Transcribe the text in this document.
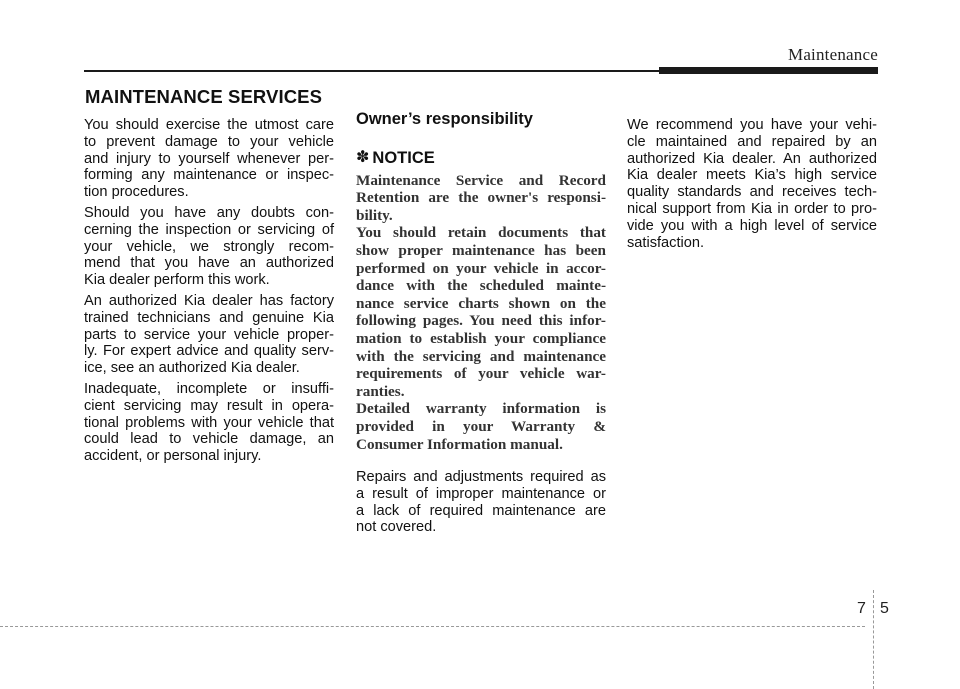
Maintenance
MAINTENANCE SERVICES

You should exercise the utmost care
to prevent damage to your vehicle
and injury to yourself whenever per-
forming any maintenance or inspec-
tion procedures.

Should you have any doubts con-
cerning the inspection or servicing of
your vehicle, we strongly recom-
mend that you have an authorized
Kia dealer perform this work.

An authorized Kia dealer has factory
trained technicians and genuine Kia
parts to service your vehicle proper-
ly. For expert advice and quality serv-
ice, see an authorized Kia dealer.

Inadequate, incomplete or insuffi-
cient servicing may result in opera-
tional problems with your vehicle that
could lead to vehicle damage, an
accident, or personal injury.

Owner’s responsibility
✽ NOTICE
Maintenance Service and Record
Retention are the owner's responsi-
bility.
You should retain documents that
show proper maintenance has been
performed on your vehicle in accor-
dance with the scheduled mainte-
nance service charts shown on the
following pages. You need this infor-
mation to establish your compliance
with the servicing and maintenance
requirements of your vehicle war-
ranties.
Detailed warranty information is
provided in your Warranty &
Consumer Information manual.

Repairs and adjustments required as
a result of improper maintenance or
a lack of required maintenance are
not covered.

We recommend you have your vehi-
cle maintained and repaired by an
authorized Kia dealer. An authorized
Kia dealer meets Kia’s high service
quality standards and receives tech-
nical support from Kia in order to pro-
vide you with a high level of service
satisfaction.

7 5
